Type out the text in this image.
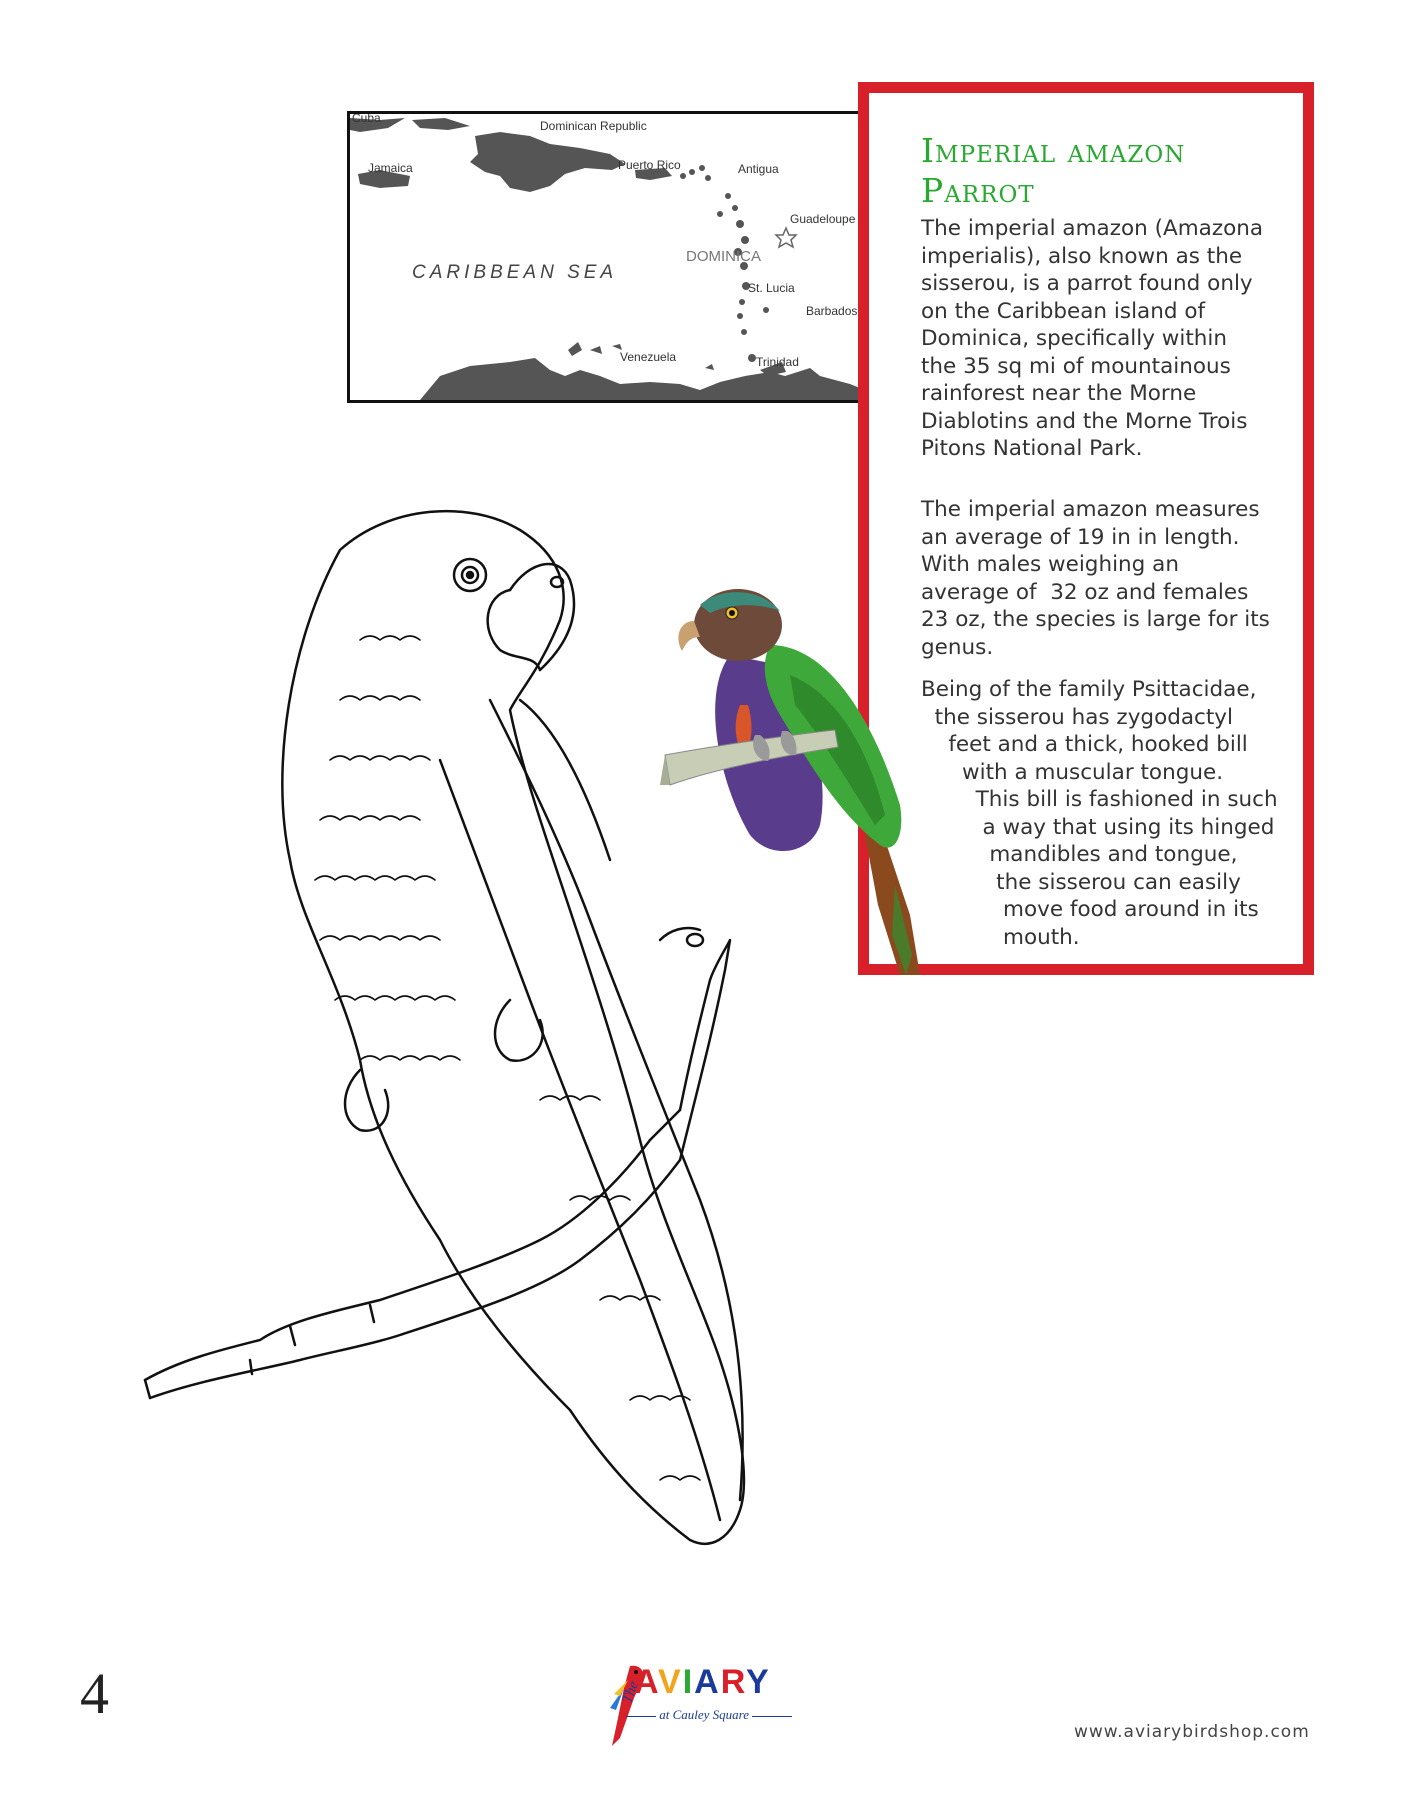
Cuba
Dominican Republic
Jamaica	Puerto Rico	Antigua
Guadeloupe
CARIBBEAN SEA
DOMINICA
St. Lucia
Barbados
Venezuela	Trinidad
Imperial amazon
Parrot
The imperial amazon (Amazona
imperialis), also known as the
sisserou, is a parrot found only
on the Caribbean island of
Dominica, specifically within
the 35 sq mi of mountainous
rainforest near the Morne
Diablotins and the Morne Trois
Pitons National Park.
The imperial amazon measures
an average of 19 in in length.
With males weighing an
average of  32 oz and females
23 oz, the species is large for its
genus.
Being of the family Psittacidae,
the sisserou has zygodactyl
feet and a thick, hooked bill
with a muscular tongue.
This bill is fashioned in such
a way that using its hinged
mandibles and tongue,
the sisserou can easily
move food around in its
mouth.
4	The
AVIARY
at Cauley Square
www.aviarybirdshop.com
